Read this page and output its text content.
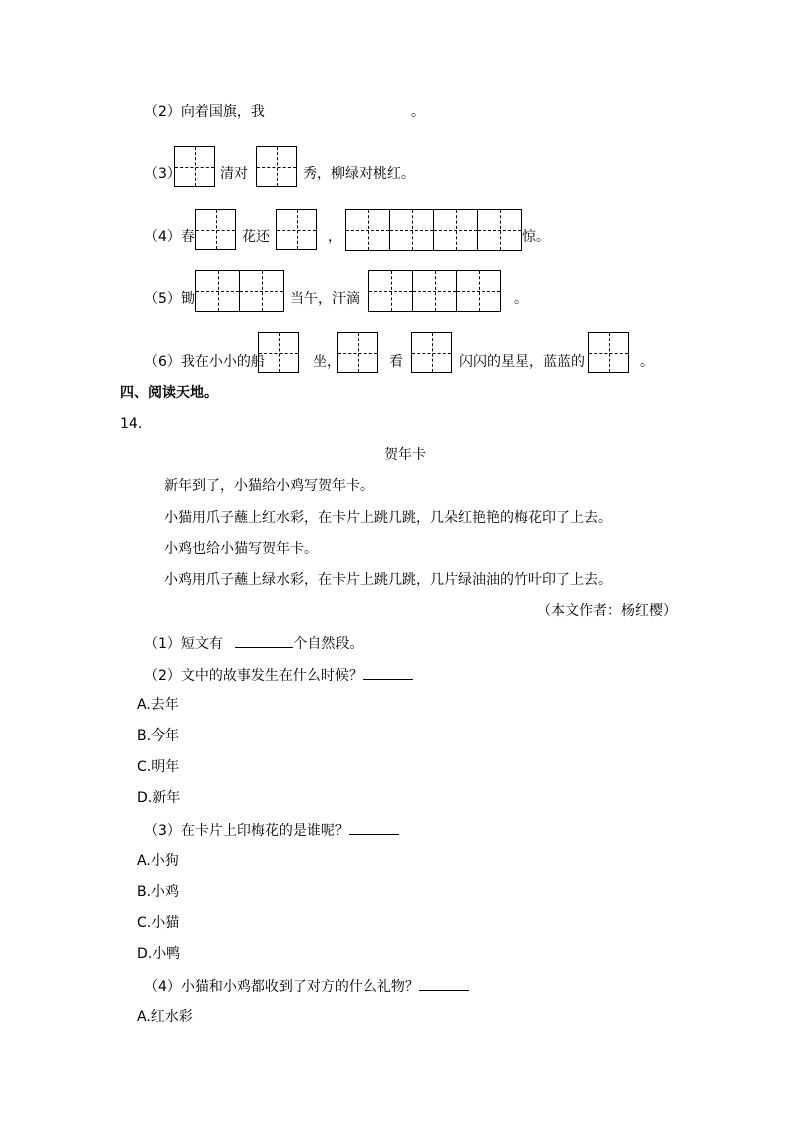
（2）向着国旗，我	。
（3）	清对	秀，柳绿对桃红。
（4）春	花还	，	惊。
（5）锄	当午，汗滴	。
（6）我在小小的船	坐，	看	闪闪的星星，蓝蓝的	。
四、阅读天地。
14．
贺年卡
新年到了，小猫给小鸡写贺年卡。
小猫用爪子蘸上红水彩，在卡片上跳几跳，几朵红艳艳的梅花印了上去。
小鸡也给小猫写贺年卡。
小鸡用爪子蘸上绿水彩，在卡片上跳几跳，几片绿油油的竹叶印了上去。
（本文作者：杨红樱）
（1）短文有	个自然段。
（2）文中的故事发生在什么时候？
A.去年
B.今年
C.明年
D.新年
（3）在卡片上印梅花的是谁呢？
A.小狗
B.小鸡
C.小猫
D.小鸭
（4）小猫和小鸡都收到了对方的什么礼物？
A.红水彩
